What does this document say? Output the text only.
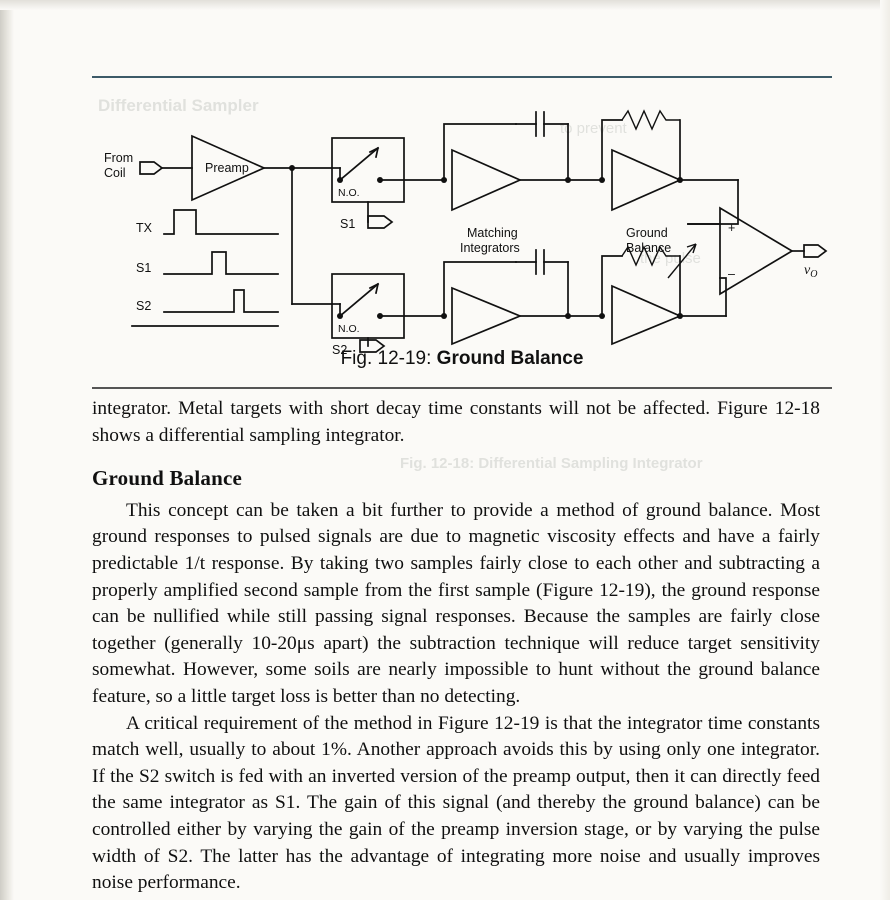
Differential Sampler
to prevent
the pulse
Fig. 12-18: Differential Sampling Integrator
From
Coil	Preamp
N.O.
S1
Matching
Integrators
Ground
Balance
N.O.
S2
+
–	$v_O$
TX
S1
S2
Fig. 12-19: Ground Balance

integrator. Metal targets with short decay time constants will not be affected. Figure 12-18 shows a differential sampling integrator.

Ground Balance

This concept can be taken a bit further to provide a method of ground balance. Most ground responses to pulsed signals are due to magnetic viscosity effects and have a fairly predictable 1/t response. By taking two samples fairly close to each other and subtracting a properly amplified second sample from the first sample (Figure 12-19), the ground response can be nullified while still passing signal responses. Because the samples are fairly close together (generally 10-20μs apart) the subtraction technique will reduce target sensitivity somewhat. However, some soils are nearly impossible to hunt without the ground balance feature, so a little target loss is better than no detecting.

A critical requirement of the method in Figure 12-19 is that the integrator time constants match well, usually to about 1%. Another approach avoids this by using only one integrator. If the S2 switch is fed with an inverted version of the preamp output, then it can directly feed the same integrator as S1. The gain of this signal (and thereby the ground balance) can be controlled either by varying the gain of the preamp inversion stage, or by varying the pulse width of S2. The latter has the advantage of integrating more noise and usually improves noise performance.
